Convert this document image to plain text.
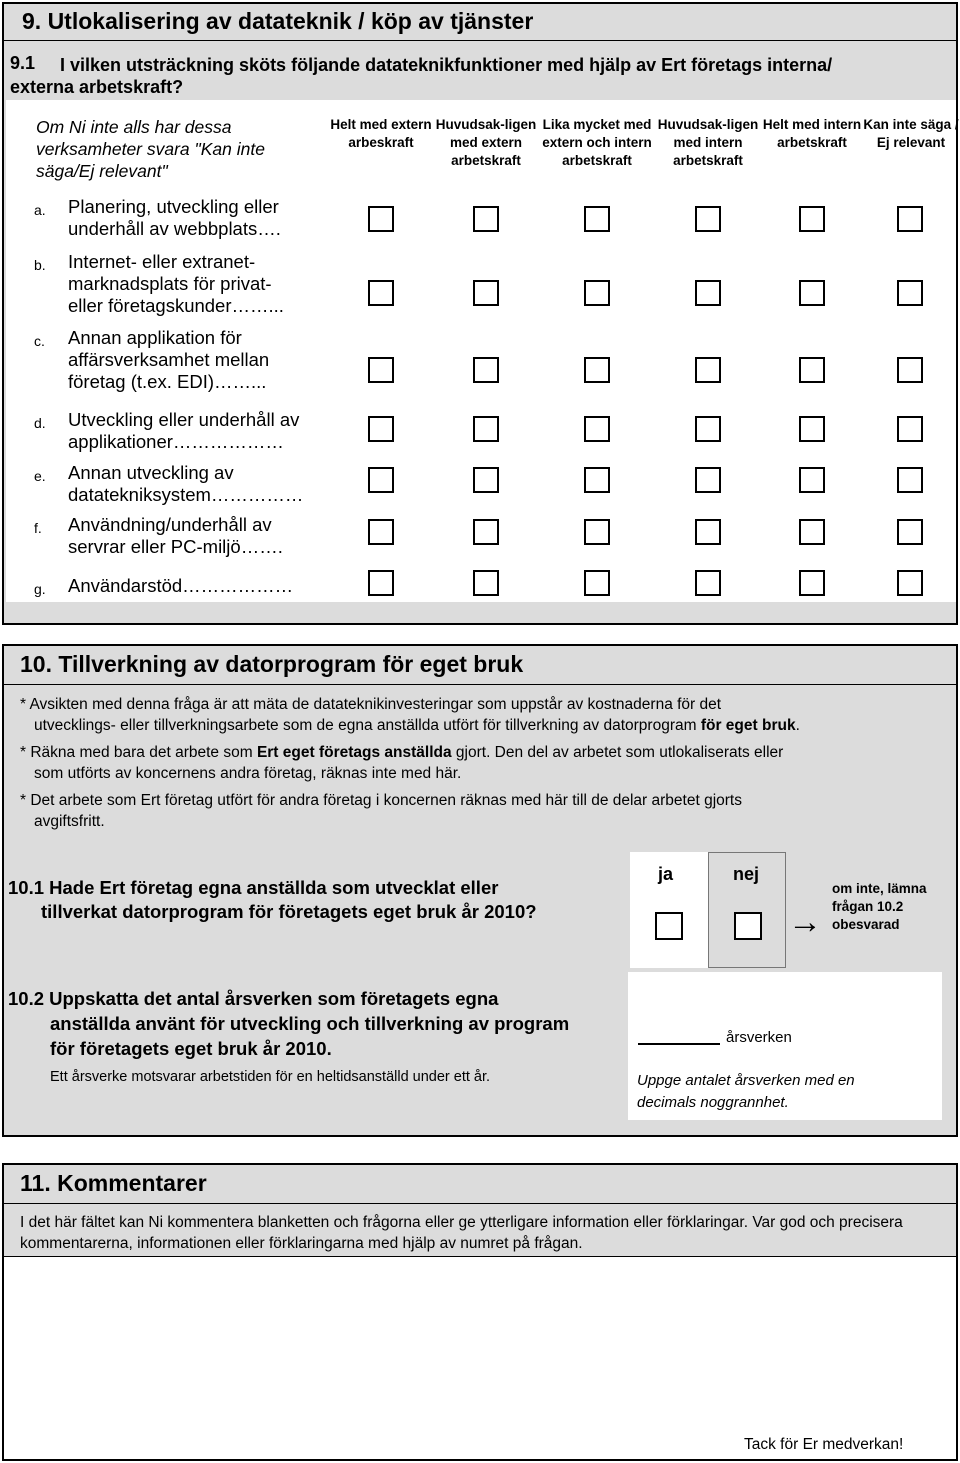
9. Utlokalisering av datateknik / köp av tjänster
9.1 I vilken utsträckning sköts följande datateknikfunktioner med hjälp av Ert företags interna/
externa arbetskraft?
Om Ni inte alls har dessa verksamheter svara "Kan inte säga/Ej relevant"
Helt med extern arbeskraft
Huvudsak-ligen med extern arbetskraft
Lika mycket med extern och intern arbetskraft
Huvudsak-ligen med intern arbetskraft
Helt med intern arbetskraft
Kan inte säga / Ej relevant
a. Planering, utveckling eller
underhåll av webbplats….
b. Internet- eller extranet-
marknadsplats för privat-
eller företagskunder……...
c. Annan applikation för
affärsverksamhet mellan
företag (t.ex. EDI)……...
d. Utveckling eller underhåll av
applikationer………………
e. Annan utveckling av
datatekniksystem……………
f. Användning/underhåll av
servrar eller PC-miljö…….
g. Användarstöd………………
10. Tillverkning av datorprogram för eget bruk
* Avsikten med denna fråga är att mäta de datateknikinvesteringar som uppstår av kostnaderna för det
utvecklings- eller tillverkningsarbete som de egna anställda utfört för tillverkning av datorprogram för eget bruk.
* Räkna med bara det arbete som Ert eget företags anställda gjort. Den del av arbetet som utlokaliserats eller
som utförts av koncernens andra företag, räknas inte med här.
* Det arbete som Ert företag utfört för andra företag i koncernen räknas med här till de delar arbetet gjorts
avgiftsfritt.
10.1 Hade Ert företag egna anställda som utvecklat eller
tillverkat datorprogram för företagets eget bruk år 2010?
ja	nej
→
om inte, lämna frågan 10.2 obesvarad
10.2 Uppskatta det antal årsverken som företagets egna
anställda använt för utveckling och tillverkning av program
för företagets eget bruk år 2010.
Ett årsverke motsvarar arbetstiden för en heltidsanställd under ett år.
årsverken
Uppge antalet årsverken med en decimals noggrannhet.
11. Kommentarer
I det här fältet kan Ni kommentera blanketten och frågorna eller ge ytterligare information eller förklaringar. Var god och precisera kommentarerna, informationen eller förklaringarna med hjälp av numret på frågan.
Tack för Er medverkan!
